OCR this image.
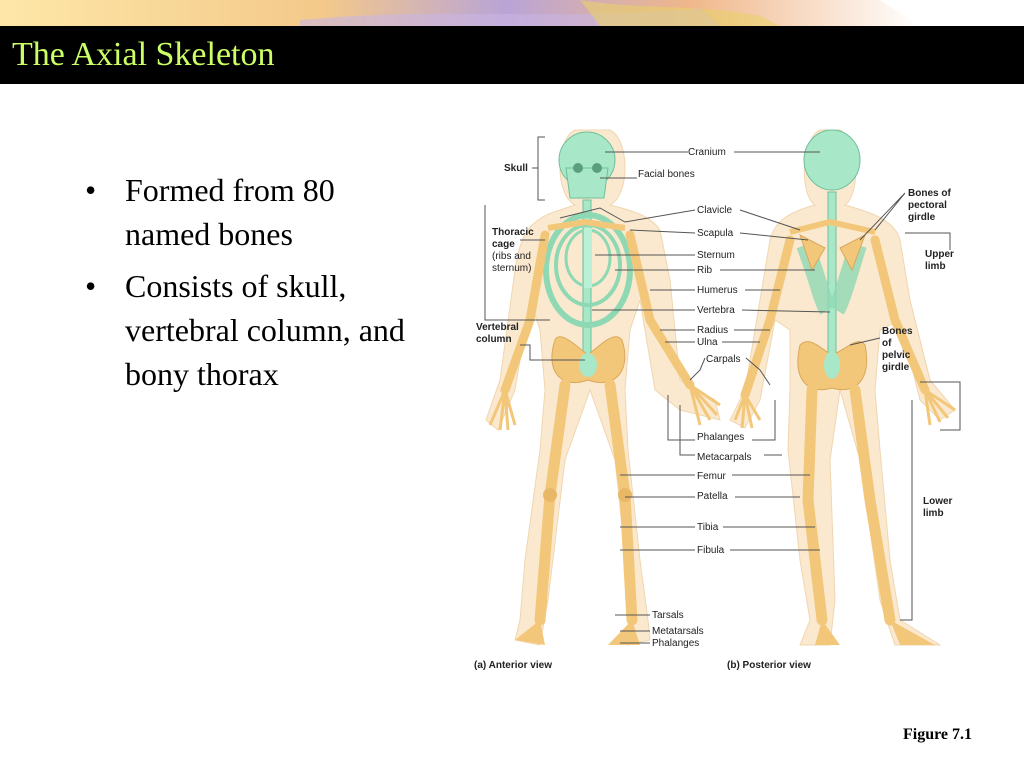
The Axial Skeleton
• Formed from 80 named bones
• Consists of skull, vertebral column, and bony thorax
Skull
Thoracic
cage
(ribs and
sternum)
Vertebral
column
Cranium
Facial bones
Clavicle
Scapula
Sternum
Rib
Humerus
Vertebra
Radius
Ulna
Carpals
Phalanges
Metacarpals
Femur
Patella
Tibia
Fibula
Tarsals
Metatarsals
Phalanges
Bones of
pectoral
girdle
Upper
limb
Bones
of
pelvic
girdle
Lower
limb
(a) Anterior view	(b) Posterior view
Figure 7.1
